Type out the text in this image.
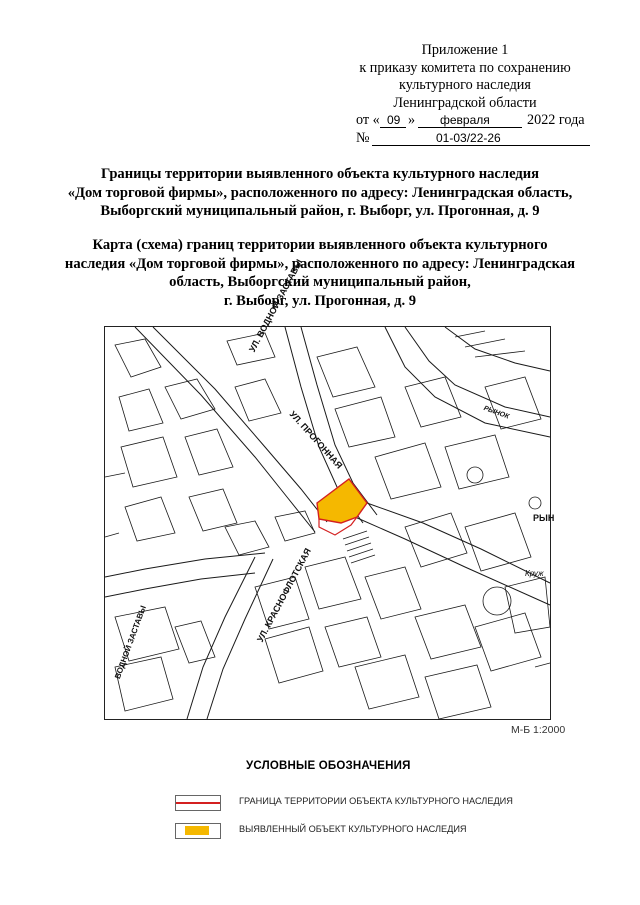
Приложение 1
к приказу комитета по сохранению
культурного наследия
Ленинградской области
от « 09 » февраля	2022 года
№	01-03/22-26
Границы территории выявленного объекта культурного наследия
«Дом торговой фирмы», расположенного по адресу: Ленинградская область,
Выборгский муниципальный район, г. Выборг, ул. Прогонная, д. 9
Карта (схема) границ территории выявленного объекта культурного
наследия «Дом торговой фирмы», расположенного по адресу: Ленинградская
область, Выборгский муниципальный район,
г. Выборг, ул. Прогонная, д. 9
УЛ. ВОДНОЙ ЗАСТАВЫ
УЛ. ПРОГОННАЯ
УЛ. КРАСНОФЛОТСКАЯ
ВОДНОЙ ЗАСТАВЫ
РЫНОК
РЫН
Круж
М-Б 1:2000
УСЛОВНЫЕ ОБОЗНАЧЕНИЯ
ГРАНИЦА ТЕРРИТОРИИ ОБЪЕКТА КУЛЬТУРНОГО НАСЛЕДИЯ
ВЫЯВЛЕННЫЙ ОБЪЕКТ КУЛЬТУРНОГО НАСЛЕДИЯ
